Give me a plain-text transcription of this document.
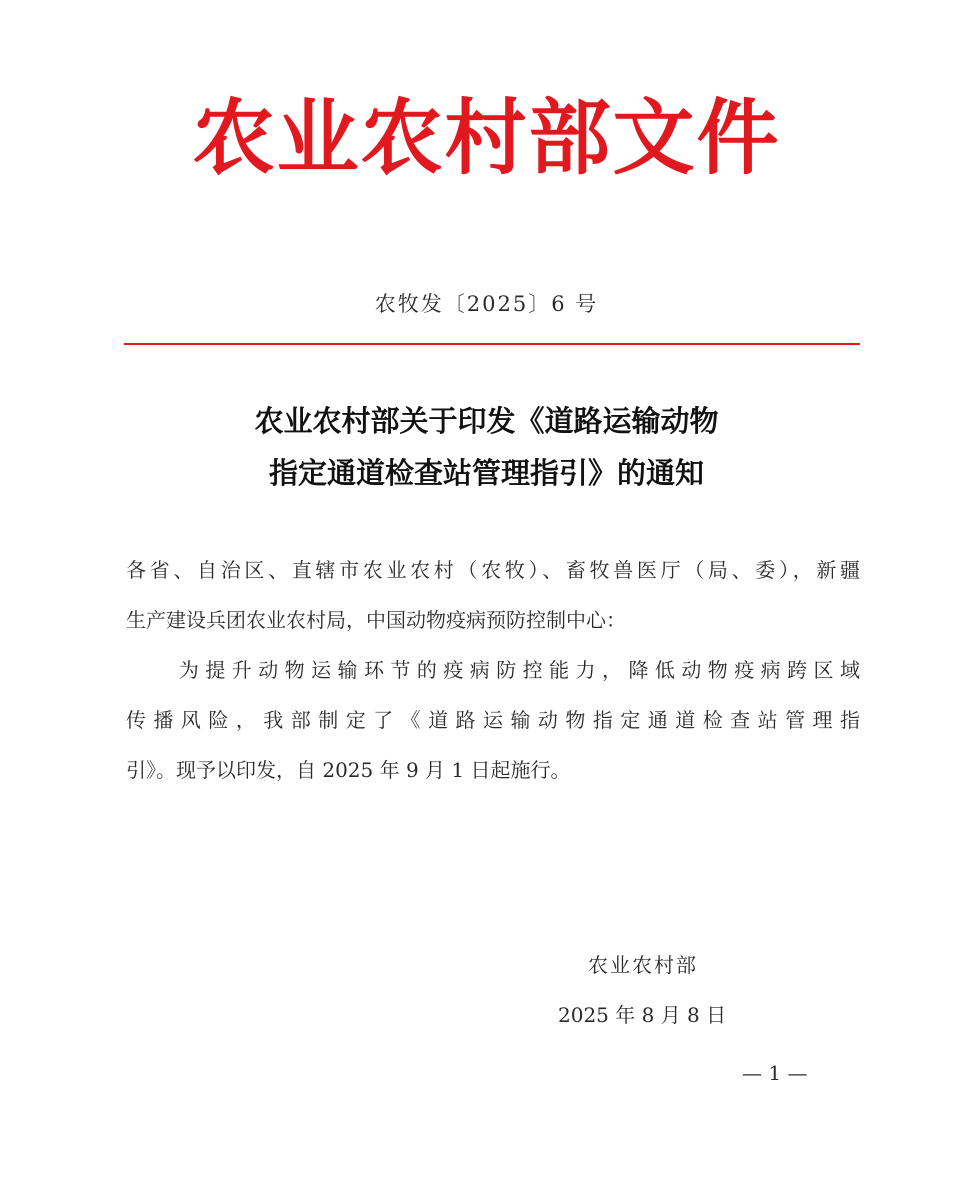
农业农村部文件
农牧发〔2025〕6 号
农业农村部关于印发《道路运输动物
指定通道检查站管理指引》的通知
各省、自治区、直辖市农业农村（农牧）、畜牧兽医厅（局、委），新疆
生产建设兵团农业农村局，中国动物疫病预防控制中心：
　　为提升动物运输环节的疫病防控能力，降低动物疫病跨区域
传播风险，我部制定了《道路运输动物指定通道检查站管理指
引》。现予以印发，自 2025 年 9 月 1 日起施行。
农业农村部
2025 年 8 月 8 日
— 1 —
